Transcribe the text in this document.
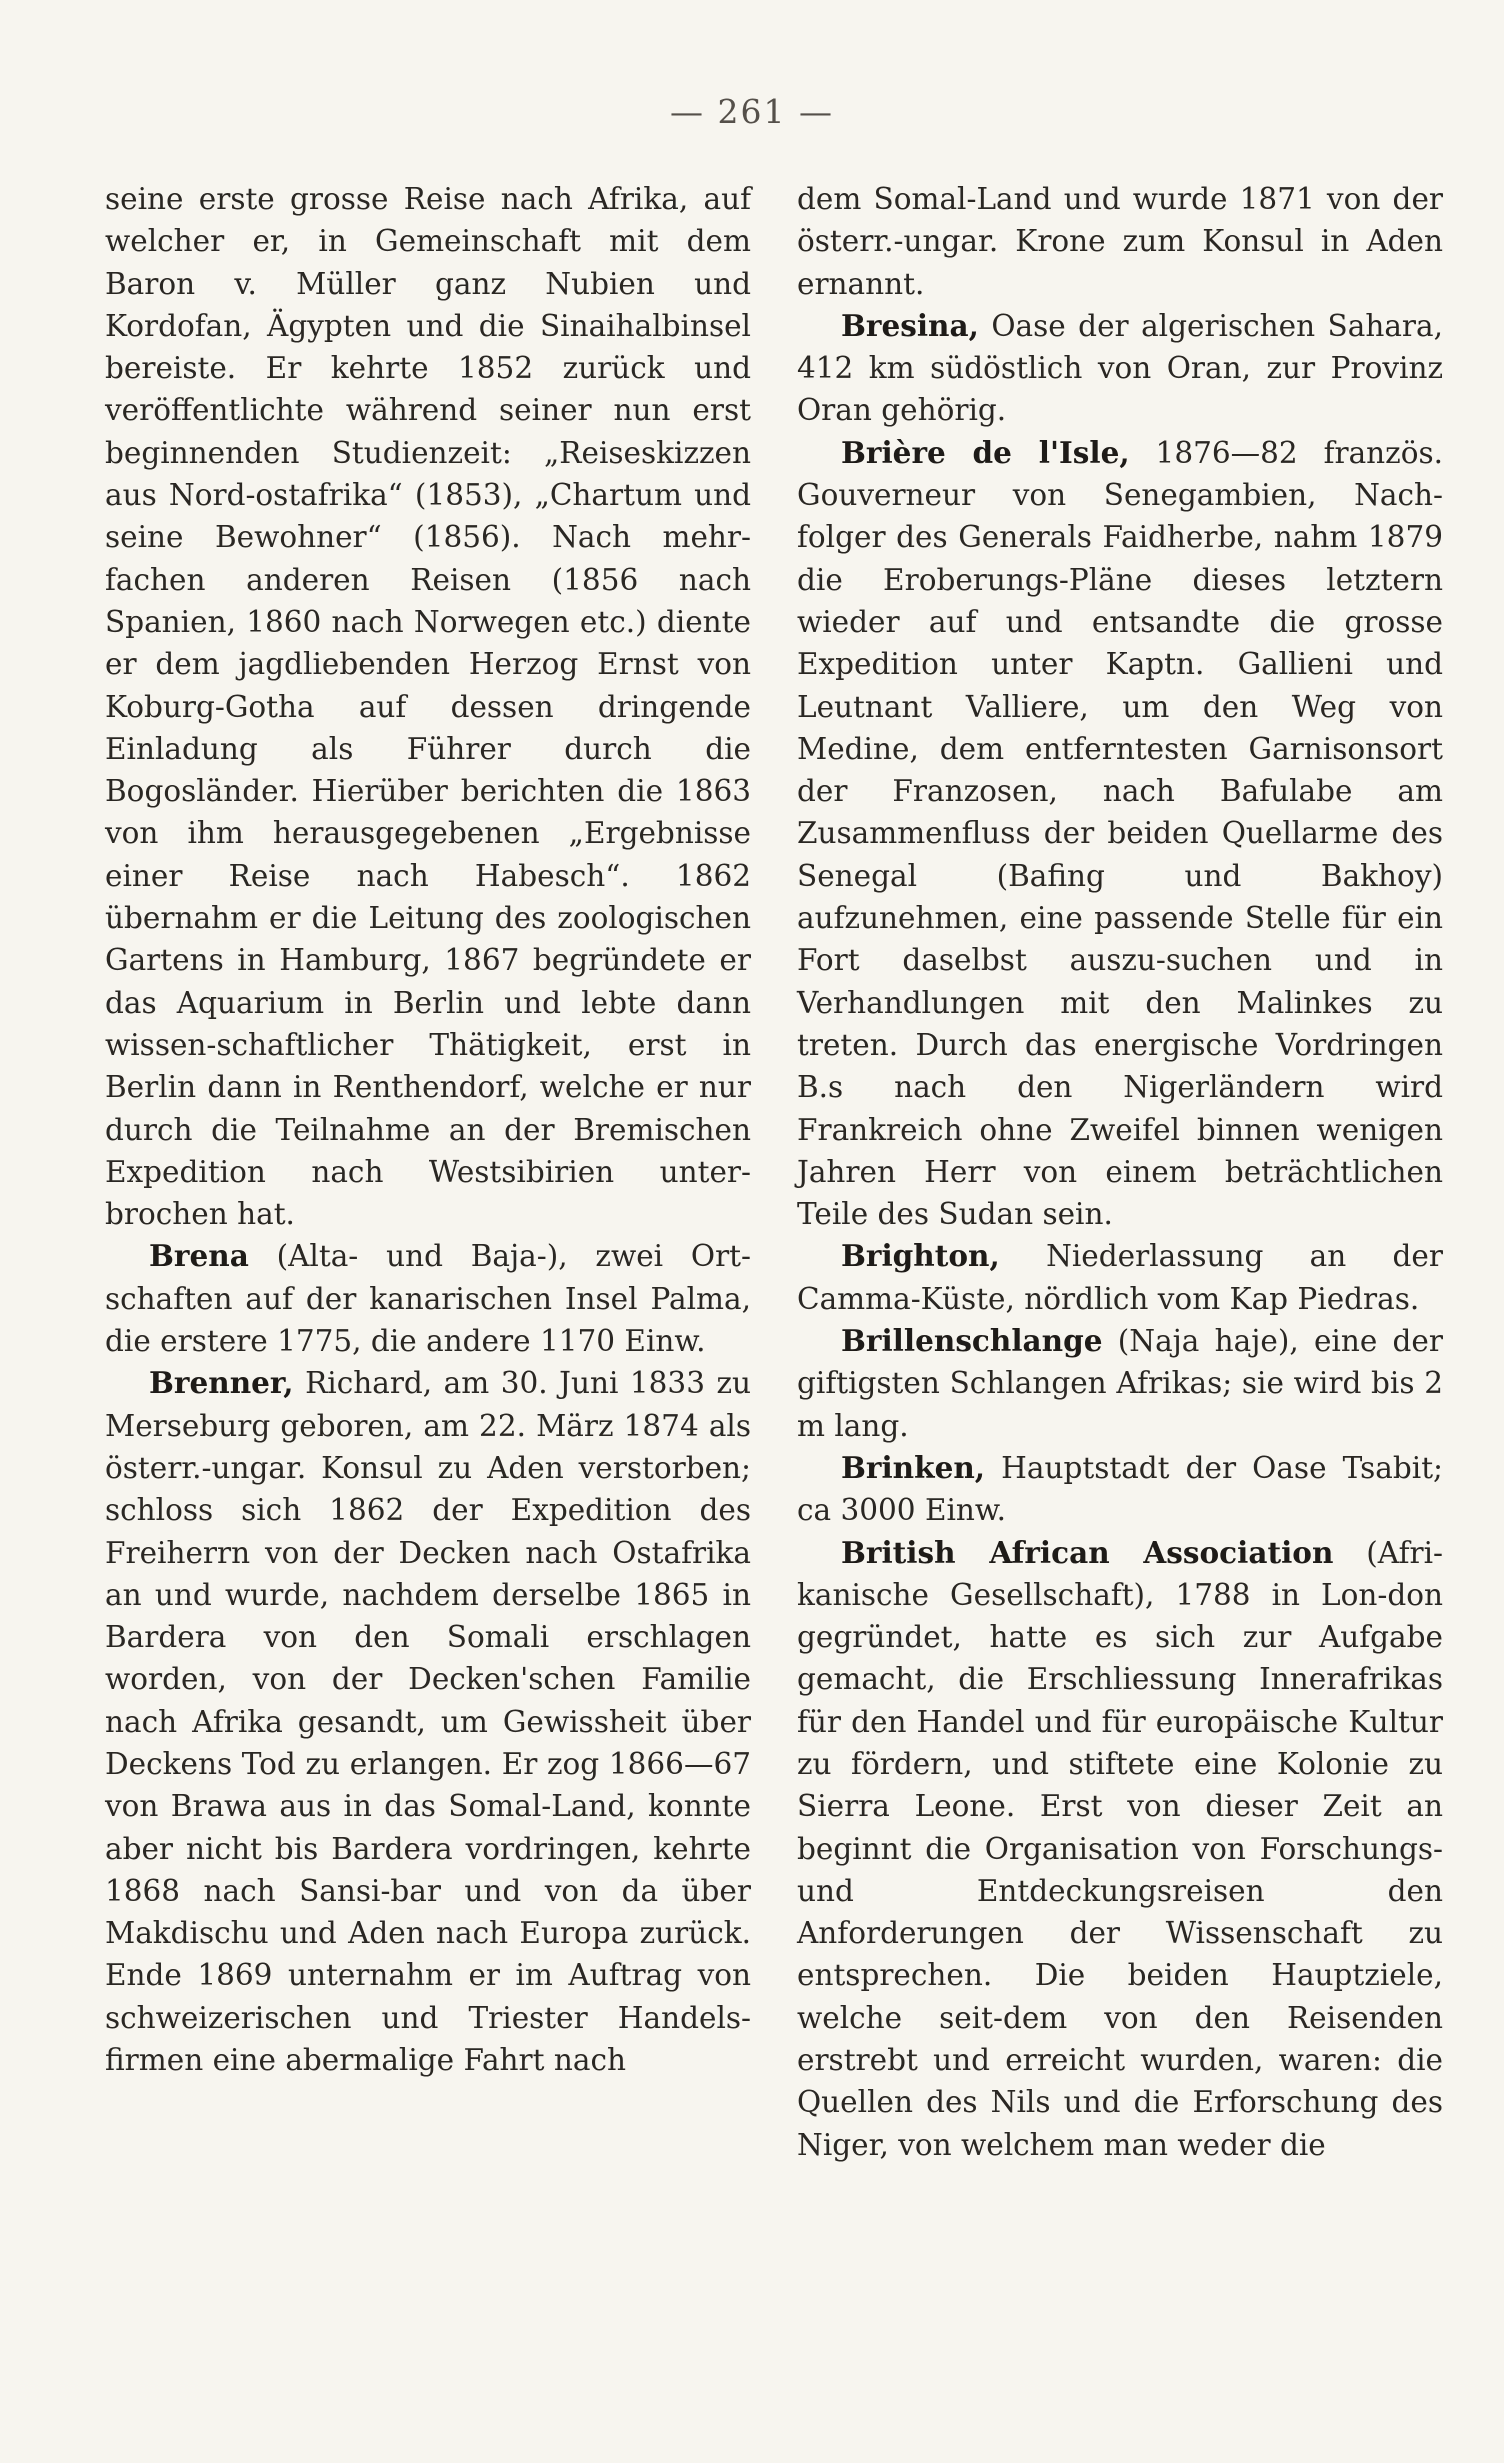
— 261 —

seine erste grosse Reise nach Afrika, auf welcher er, in Gemeinschaft mit dem Baron v. Müller ganz Nubien und Kordofan, Ägypten und die Sinaihalbinsel bereiste. Er kehrte 1852 zurück und veröffentlichte während seiner nun erst beginnenden Studienzeit: „Reiseskizzen aus Nord-ostafrika“ (1853), „Chartum und seine Bewohner“ (1856). Nach mehr-fachen anderen Reisen (1856 nach Spanien, 1860 nach Norwegen etc.) diente er dem jagdliebenden Herzog Ernst von Koburg-Gotha auf dessen dringende Einladung als Führer durch die Bogosländer. Hierüber berichten die 1863 von ihm herausgegebenen „Ergebnisse einer Reise nach Habesch“. 1862 übernahm er die Leitung des zoologischen Gartens in Hamburg, 1867 begründete er das Aquarium in Berlin und lebte dann wissen-schaftlicher Thätigkeit, erst in Berlin dann in Renthendorf, welche er nur durch die Teilnahme an der Bremischen Expedition nach Westsibirien unter-brochen hat.

Brena (Alta- und Baja-), zwei Ort-schaften auf der kanarischen Insel Palma, die erstere 1775, die andere 1170 Einw.

Brenner, Richard, am 30. Juni 1833 zu Merseburg geboren, am 22. März 1874 als österr.-ungar. Konsul zu Aden verstorben; schloss sich 1862 der Expedition des Freiherrn von der Decken nach Ostafrika an und wurde, nachdem derselbe 1865 in Bardera von den Somali erschlagen worden, von der Decken'schen Familie nach Afrika gesandt, um Gewissheit über Deckens Tod zu erlangen. Er zog 1866—67 von Brawa aus in das Somal-Land, konnte aber nicht bis Bardera vordringen, kehrte 1868 nach Sansi-bar und von da über Makdischu und Aden nach Europa zurück. Ende 1869 unternahm er im Auftrag von schweizerischen und Triester Handels-firmen eine abermalige Fahrt nach

dem Somal-Land und wurde 1871 von der österr.-ungar. Krone zum Konsul in Aden ernannt.

Bresina, Oase der algerischen Sahara, 412 km südöstlich von Oran, zur Provinz Oran gehörig.

Brière de l'Isle, 1876—82 französ. Gouverneur von Senegambien, Nach-folger des Generals Faidherbe, nahm 1879 die Eroberungs-Pläne dieses letztern wieder auf und entsandte die grosse Expedition unter Kaptn. Gallieni und Leutnant Valliere, um den Weg von Medine, dem entferntesten Garnisonsort der Franzosen, nach Bafulabe am Zusammenfluss der beiden Quellarme des Senegal (Bafing und Bakhoy) aufzunehmen, eine passende Stelle für ein Fort daselbst auszu-suchen und in Verhandlungen mit den Malinkes zu treten. Durch das energische Vordringen B.s nach den Nigerländern wird Frankreich ohne Zweifel binnen wenigen Jahren Herr von einem beträchtlichen Teile des Sudan sein.

Brighton, Niederlassung an der Camma-Küste, nördlich vom Kap Piedras.

Brillenschlange (Naja haje), eine der giftigsten Schlangen Afrikas; sie wird bis 2 m lang.

Brinken, Hauptstadt der Oase Tsabit; ca 3000 Einw.

British African Association (Afri-kanische Gesellschaft), 1788 in Lon-don gegründet, hatte es sich zur Aufgabe gemacht, die Erschliessung Innerafrikas für den Handel und für europäische Kultur zu fördern, und stiftete eine Kolonie zu Sierra Leone. Erst von dieser Zeit an beginnt die Organisation von Forschungs- und Entdeckungsreisen den Anforderungen der Wissenschaft zu entsprechen. Die beiden Hauptziele, welche seit-dem von den Reisenden erstrebt und erreicht wurden, waren: die Quellen des Nils und die Erforschung des Niger, von welchem man weder die
